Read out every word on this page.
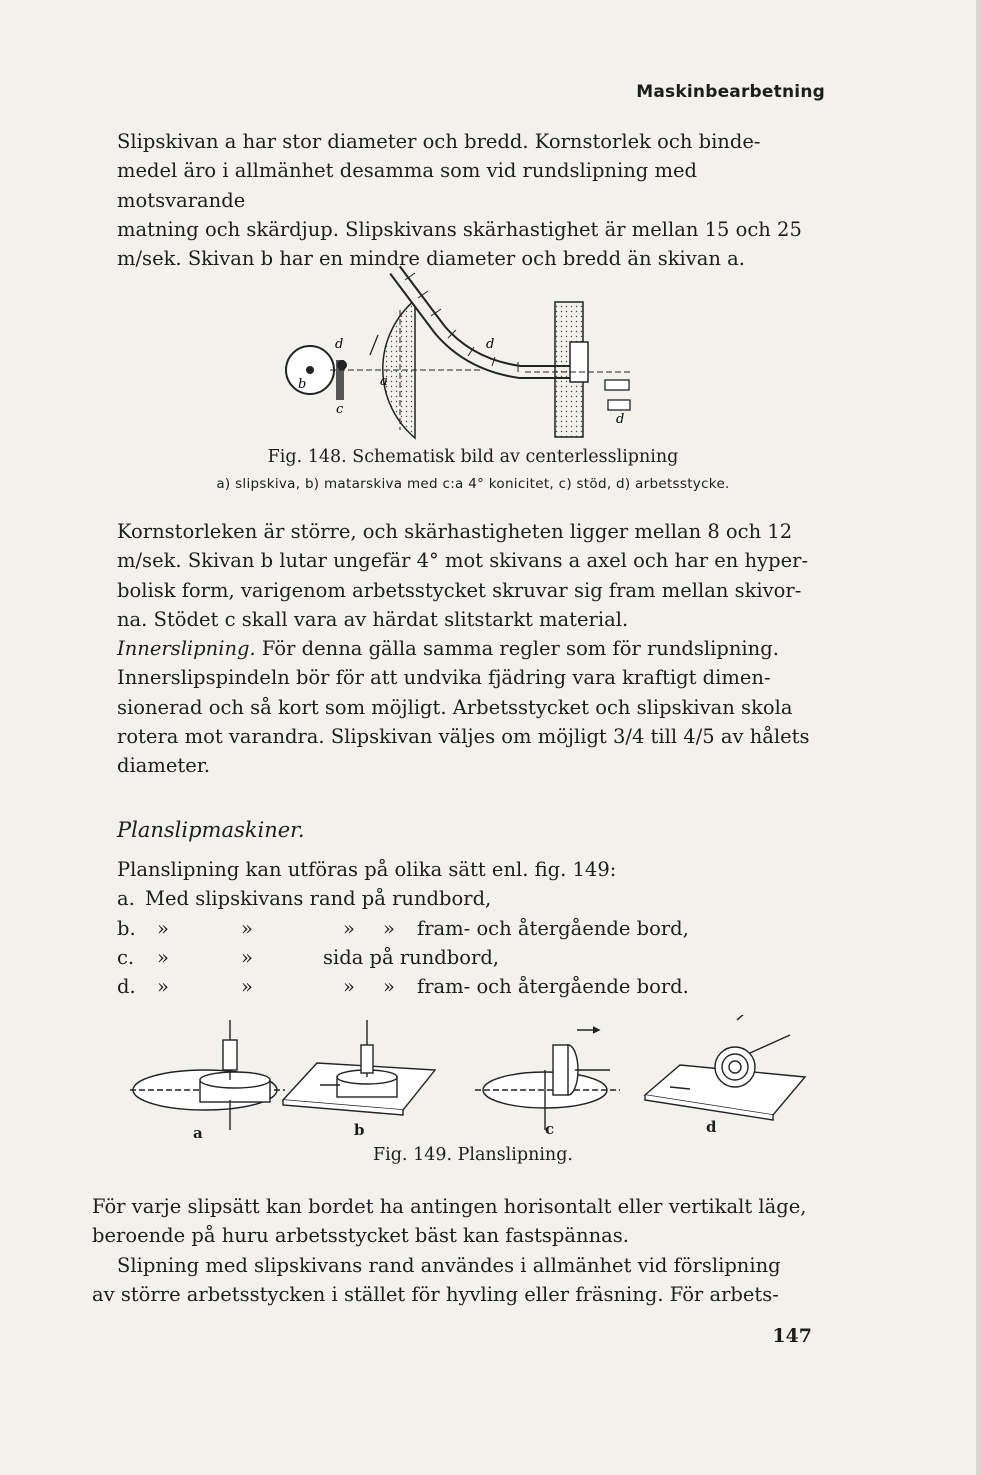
Maskinbearbetning
Slipskivan a har stor diameter och bredd. Kornstorlek och binde-
medel äro i allmänhet desamma som vid rundslipning med motsvarande
matning och skärdjup. Slipskivans skärhastighet är mellan 15 och 25
m/sek. Skivan b har en mindre diameter och bredd än skivan a.
d
b	a
c
d
d
Fig. 148. Schematisk bild av centerlesslipning
a) slipskiva, b) matarskiva med c:a 4° konicitet, c) stöd, d) arbetsstycke.
Kornstorleken är större, och skärhastigheten ligger mellan 8 och 12
m/sek. Skivan b lutar ungefär 4° mot skivans a axel och har en hyper-
bolisk form, varigenom arbetsstycket skruvar sig fram mellan skivor-
na. Stödet c skall vara av härdat slitstarkt material.
Innerslipning. För denna gälla samma regler som för rundslipning.
Innerslipspindeln bör för att undvika fjädring vara kraftigt dimen-
sionerad och så kort som möjligt. Arbetsstycket och slipskivan skola
rotera mot varandra. Slipskivan väljes om möjligt 3/4 till 4/5 av hålets
diameter.
Planslipmaskiner.
Planslipning kan utföras på olika sätt enl. fig. 149:
a. Med slipskivans rand på rundbord,
b. »	»	» » fram- och återgående bord,
c. »	»	sida på rundbord,
d. »	»	» » fram- och återgående bord.
a	b	c	d
Fig. 149. Planslipning.
För varje slipsätt kan bordet ha antingen horisontalt eller vertikalt läge,
beroende på huru arbetsstycket bäst kan fastspännas.
Slipning med slipskivans rand användes i allmänhet vid förslipning
av större arbetsstycken i stället för hyvling eller fräsning. För arbets-
147
